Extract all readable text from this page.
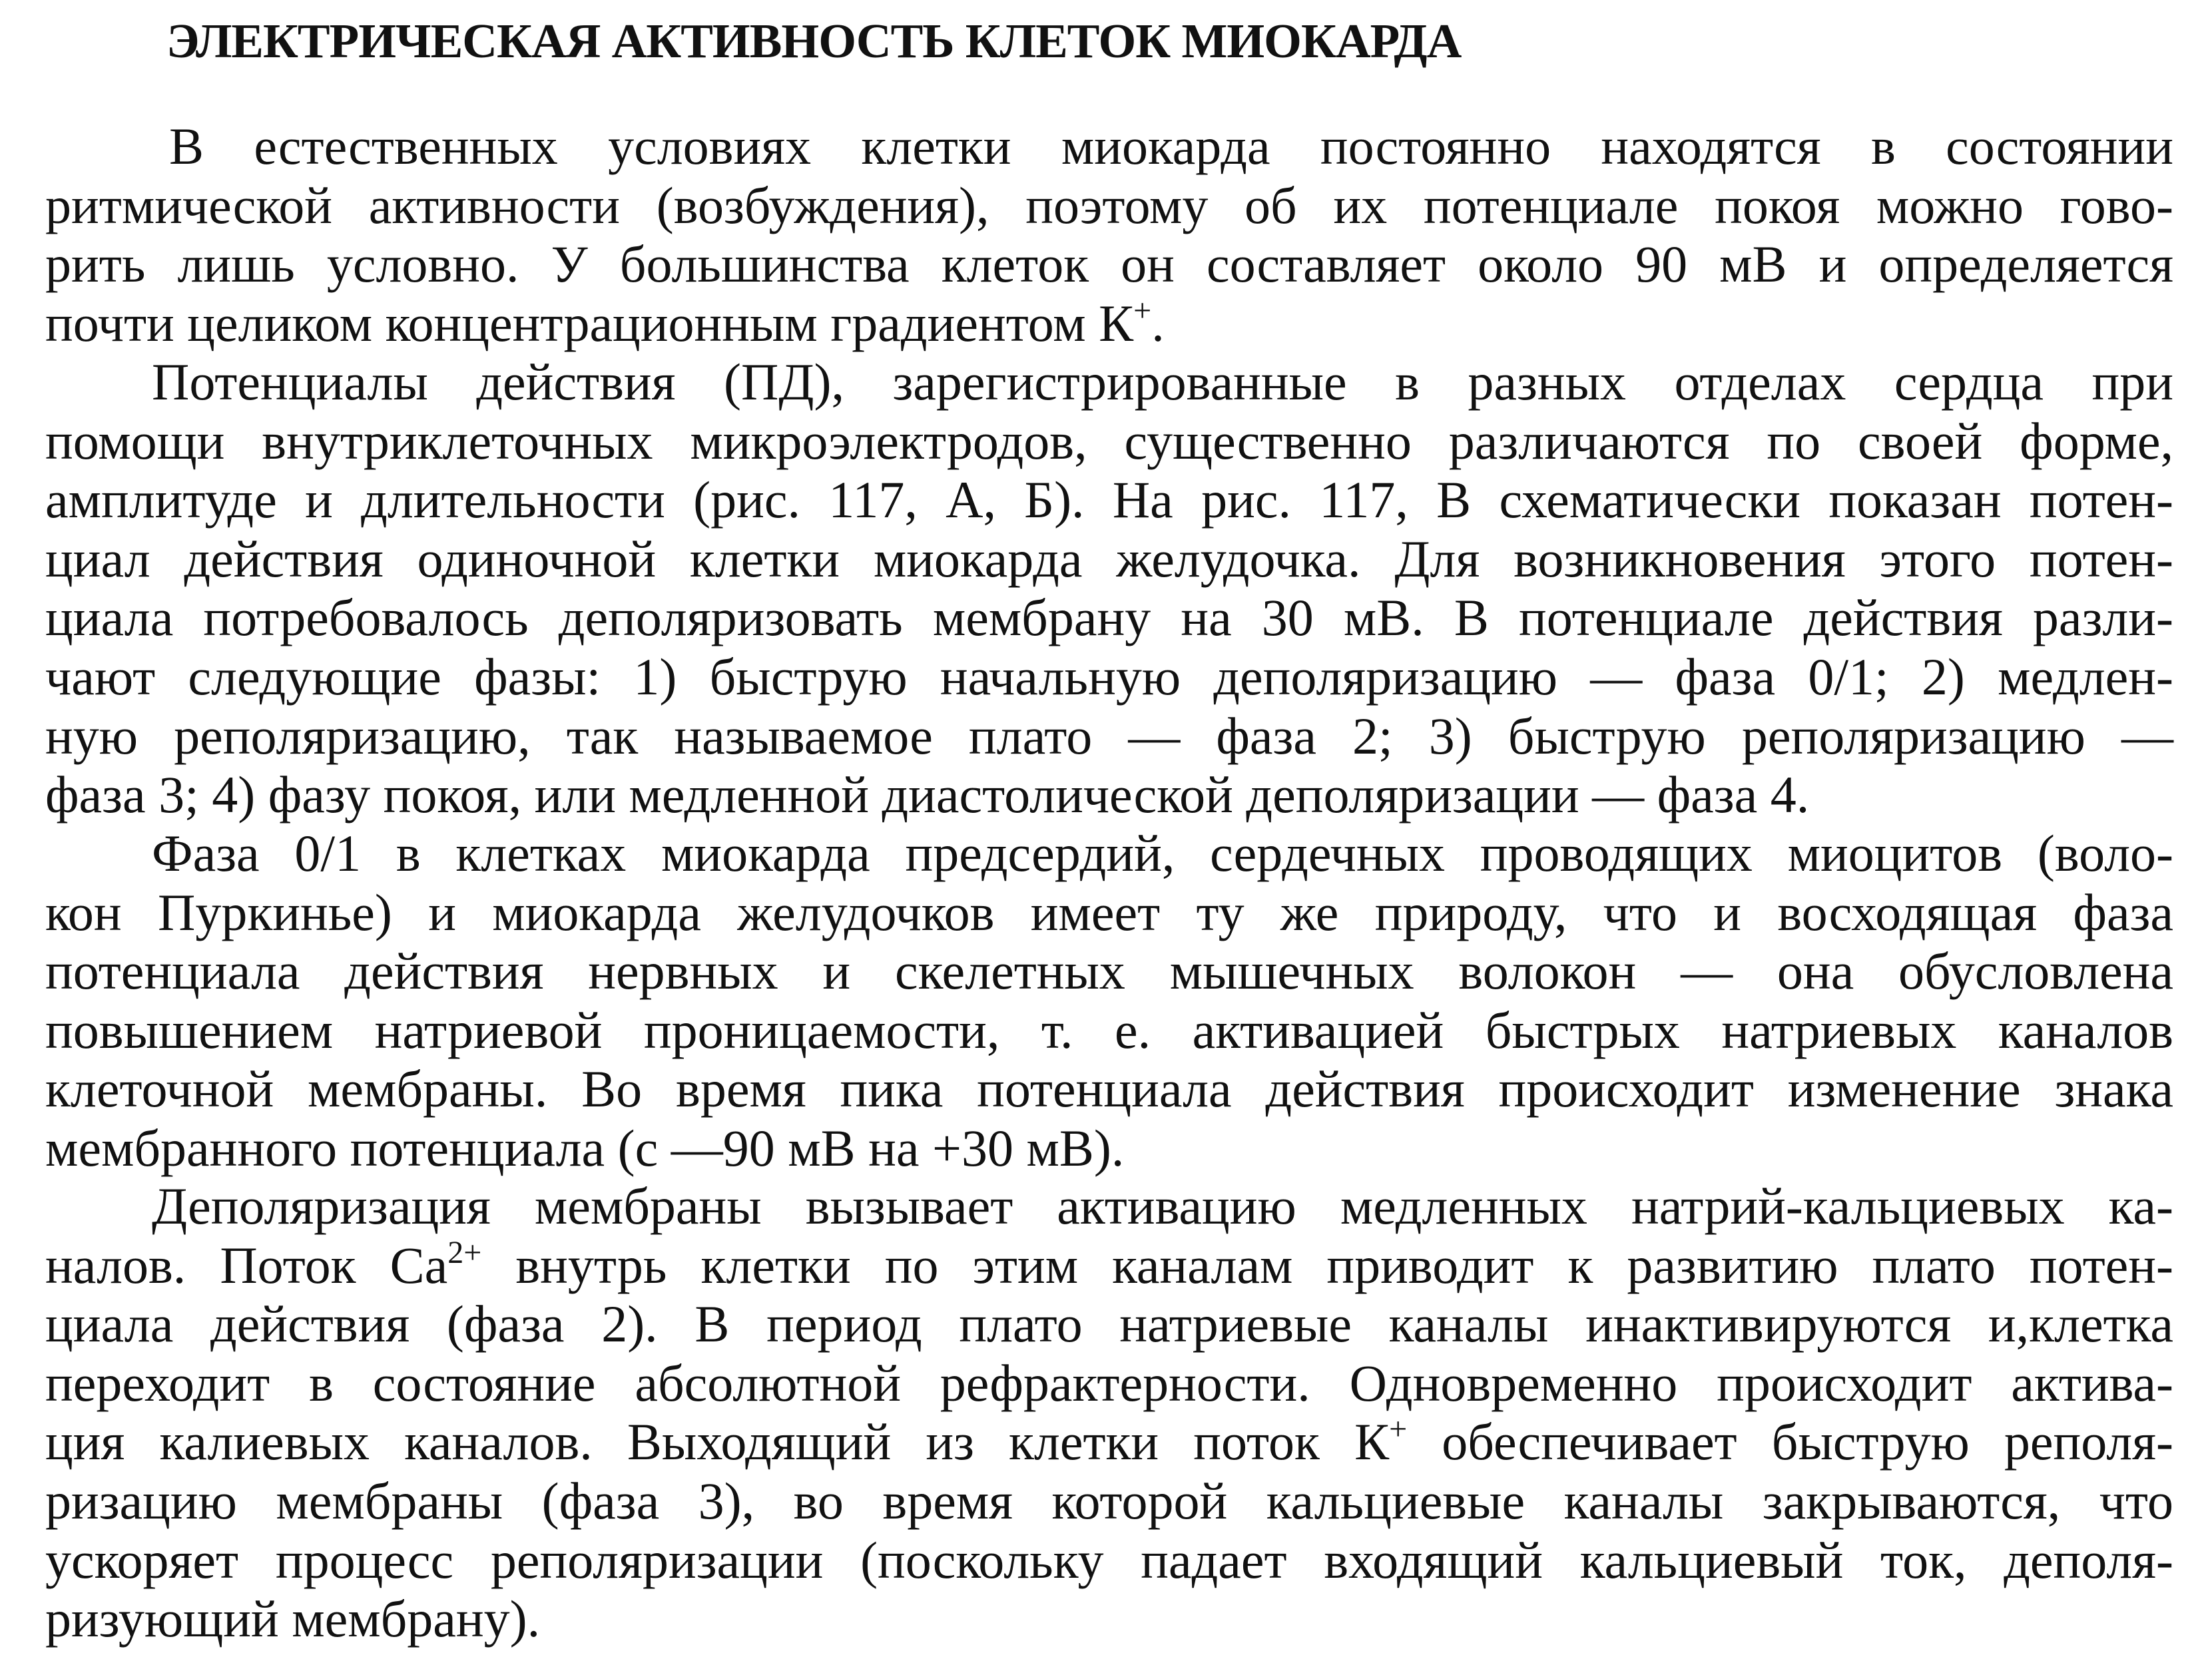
ЭЛЕКТРИЧЕСКАЯ АКТИВНОСТЬ КЛЕТОК МИОКАРДА
В естественных условиях клетки миокарда постоянно находятся в состоянии
ритмической активности (возбуждения), поэтому об их потенциале покоя можно гово-
рить лишь условно. У большинства клеток он составляет около 90 мВ и определяется
почти целиком концентрационным градиентом К+.
Потенциалы действия (ПД), зарегистрированные в разных отделах сердца при
помощи внутриклеточных микроэлектродов, существенно различаются по своей форме,
амплитуде и длительности (рис. 117, А, Б). На рис. 117, В схематически показан потен-
циал действия одиночной клетки миокарда желудочка. Для возникновения этого потен-
циала потребовалось деполяризовать мембрану на 30 мВ. В потенциале действия разли-
чают следующие фазы: 1) быструю начальную деполяризацию — фаза 0/1; 2) медлен-
ную реполяризацию, так называемое плато — фаза 2; 3) быструю реполяризацию —
фаза 3; 4) фазу покоя, или медленной диастолической деполяризации — фаза 4.
Фаза 0/1 в клетках миокарда предсердий, сердечных проводящих миоцитов (воло-
кон Пуркинье) и миокарда желудочков имеет ту же природу, что и восходящая фаза
потенциала действия нервных и скелетных мышечных волокон — она обусловлена
повышением натриевой проницаемости, т. е. активацией быстрых натриевых каналов
клеточной мембраны. Во время пика потенциала действия происходит изменение знака
мембранного потенциала (с —90 мВ на +30 мВ).
Деполяризация мембраны вызывает активацию медленных натрий-кальциевых ка-
налов. Поток $Са^{2+}$ внутрь клетки по этим каналам приводит к развитию плато потен-
циала действия (фаза 2). В период плато натриевые каналы инактивируются и,клетка
переходит в состояние абсолютной рефрактерности. Одновременно происходит актива-
ция калиевых каналов. Выходящий из клетки поток К+ обеспечивает быструю реполя-
ризацию мембраны (фаза 3), во время которой кальциевые каналы закрываются, что
ускоряет процесс реполяризации (поскольку падает входящий кальциевый ток, деполя-
ризующий мембрану).
